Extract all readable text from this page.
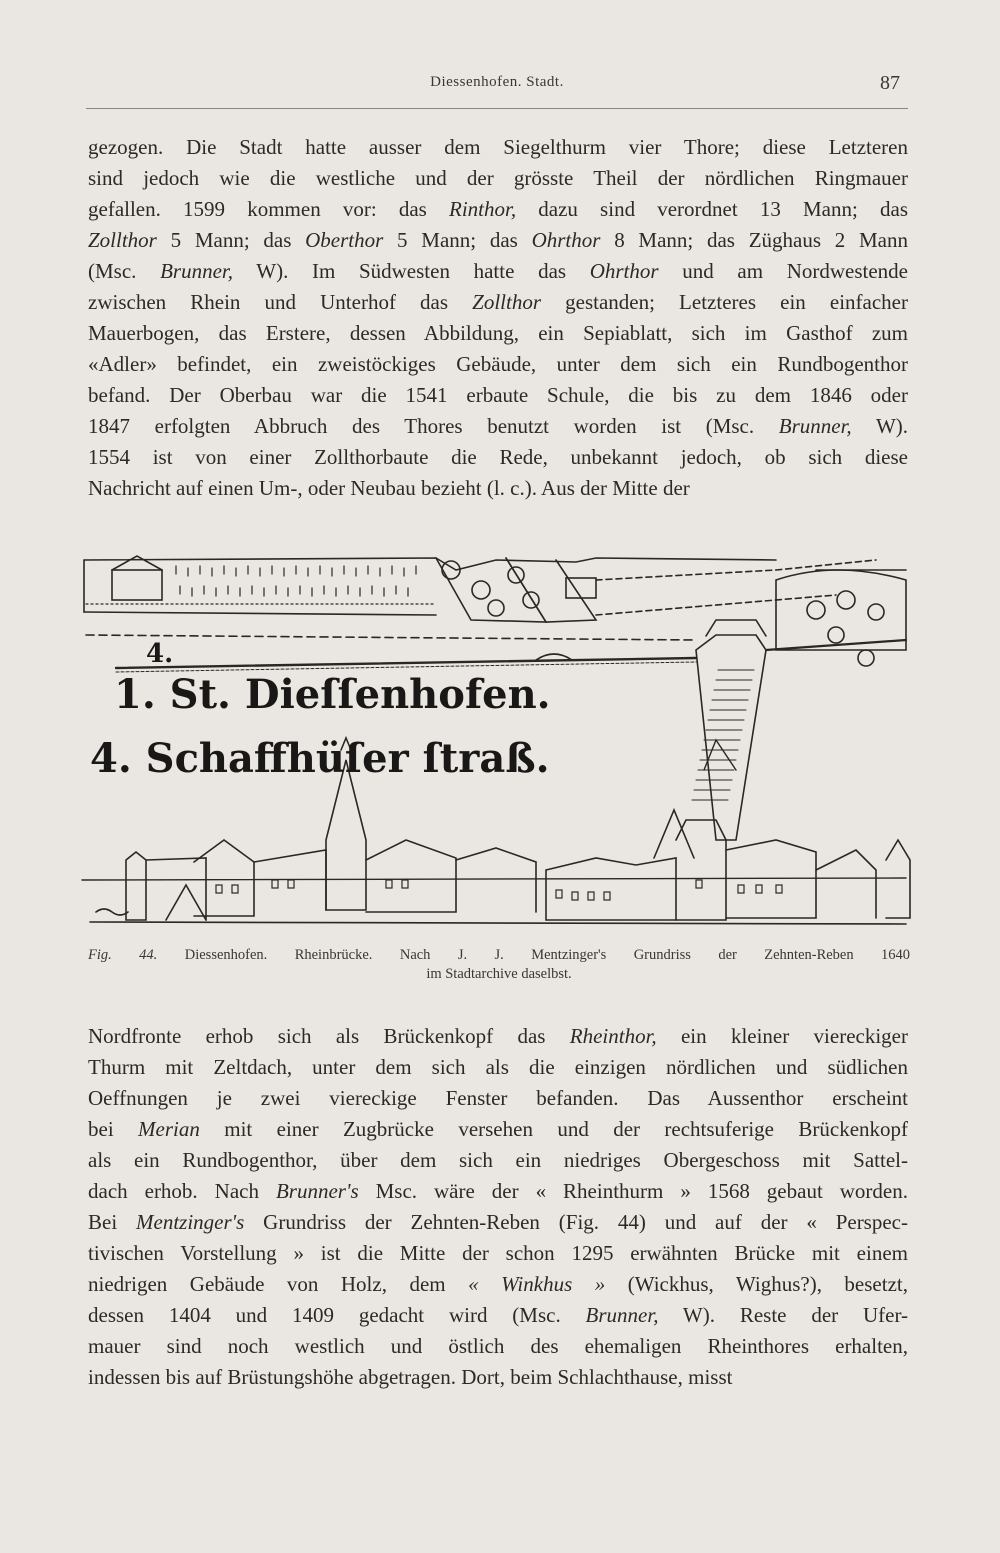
Diessenhofen. Stadt.	87
gezogen. Die Stadt hatte ausser dem Siegelthurm vier Thore; diese Letzteren
sind jedoch wie die westliche und der grösste Theil der nördlichen Ringmauer
gefallen. 1599 kommen vor: das Rinthor, dazu sind verordnet 13 Mann; das
Zollthor 5 Mann; das Oberthor 5 Mann; das Ohrthor 8 Mann; das Züghaus 2 Mann
(Msc. Brunner, W). Im Südwesten hatte das Ohrthor und am Nordwestende
zwischen Rhein und Unterhof das Zollthor gestanden; Letzteres ein einfacher
Mauerbogen, das Erstere, dessen Abbildung, ein Sepiablatt, sich im Gasthof zum
«Adler» befindet, ein zweistöckiges Gebäude, unter dem sich ein Rundbogenthor
befand. Der Oberbau war die 1541 erbaute Schule, die bis zu dem 1846 oder
1847 erfolgten Abbruch des Thores benutzt worden ist (Msc. Brunner, W).
1554 ist von einer Zollthorbaute die Rede, unbekannt jedoch, ob sich diese
Nachricht auf einen Um-, oder Neubau bezieht (l. c.). Aus der Mitte der
4.
1. St. Dieſſenhofen.
4. Schaffhüſer ſtraß.
Fig. 44. Diessenhofen. Rheinbrücke. Nach J. J. Mentzinger's Grundriss der Zehnten-Reben 1640
im Stadtarchive daselbst.
Nordfronte erhob sich als Brückenkopf das Rheinthor, ein kleiner viereckiger
Thurm mit Zeltdach, unter dem sich als die einzigen nördlichen und südlichen
Oeffnungen je zwei viereckige Fenster befanden. Das Aussenthor erscheint
bei Merian mit einer Zugbrücke versehen und der rechtsuferige Brückenkopf
als ein Rundbogenthor, über dem sich ein niedriges Obergeschoss mit Sattel-
dach erhob. Nach Brunner's Msc. wäre der « Rheinthurm » 1568 gebaut worden.
Bei Mentzinger's Grundriss der Zehnten-Reben (Fig. 44) und auf der « Perspec-
tivischen Vorstellung » ist die Mitte der schon 1295 erwähnten Brücke mit einem
niedrigen Gebäude von Holz, dem « Winkhus » (Wickhus, Wighus?), besetzt,
dessen 1404 und 1409 gedacht wird (Msc. Brunner, W). Reste der Ufer-
mauer sind noch westlich und östlich des ehemaligen Rheinthores erhalten,
indessen bis auf Brüstungshöhe abgetragen. Dort, beim Schlachthause, misst
